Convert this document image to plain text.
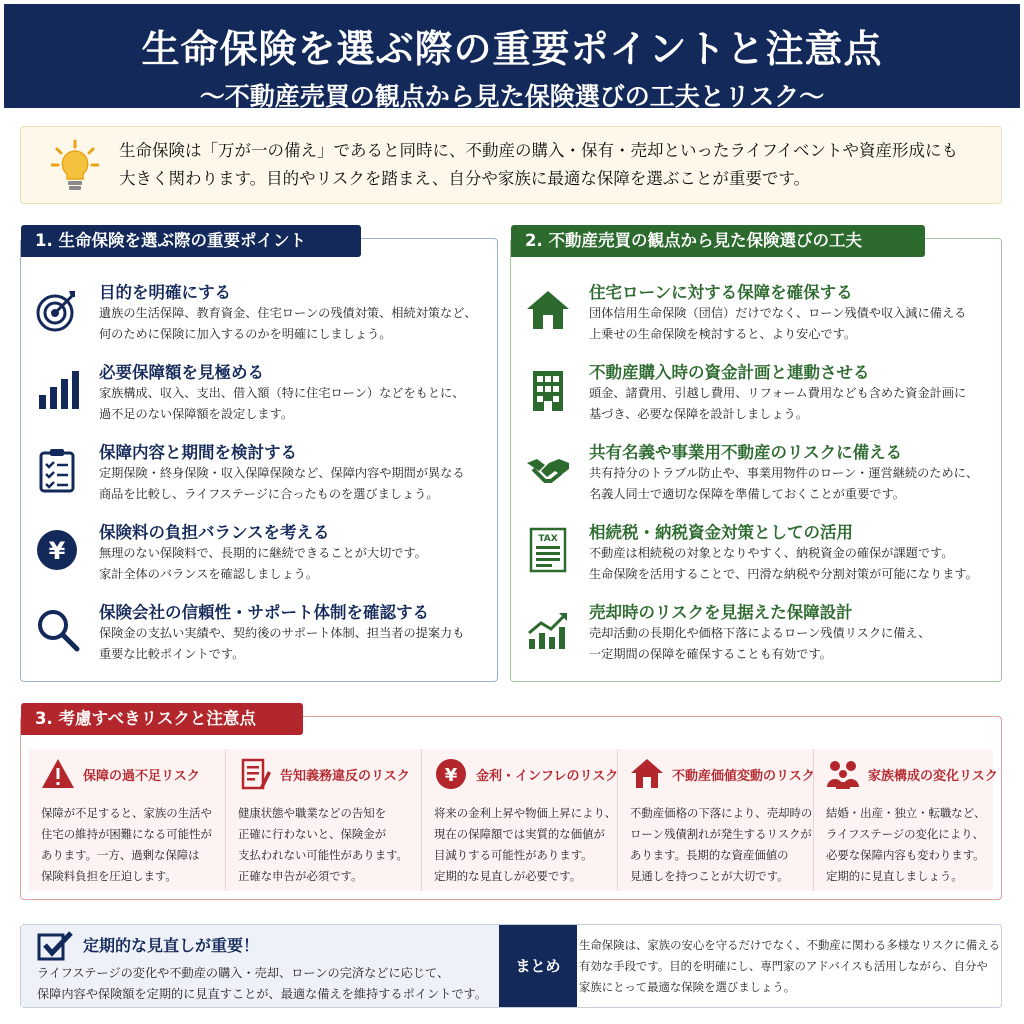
生命保険を選ぶ際の重要ポイントと注意点
〜不動産売買の観点から見た保険選びの工夫とリスク〜
生命保険は「万が一の備え」であると同時に、不動産の購入・保有・売却といったライフイベントや資産形成にも
大きく関わります。目的やリスクを踏まえ、自分や家族に最適な保障を選ぶことが重要です。
1. 生命保険を選ぶ際の重要ポイント
目的を明確にする
遺族の生活保障、教育資金、住宅ローンの残債対策、相続対策など、
何のために保険に加入するのかを明確にしましょう。
必要保障額を見極める
家族構成、収入、支出、借入額（特に住宅ローン）などをもとに、
過不足のない保障額を設定します。
保障内容と期間を検討する
定期保険・終身保険・収入保障保険など、保障内容や期間が異なる
商品を比較し、ライフステージに合ったものを選びましょう。
¥
保険料の負担バランスを考える
無理のない保険料で、長期的に継続できることが大切です。
家計全体のバランスを確認しましょう。
保険会社の信頼性・サポート体制を確認する
保険金の支払い実績や、契約後のサポート体制、担当者の提案力も
重要な比較ポイントです。
2. 不動産売買の観点から見た保険選びの工夫
住宅ローンに対する保障を確保する
団体信用生命保険（団信）だけでなく、ローン残債や収入減に備える
上乗せの生命保険を検討すると、より安心です。
不動産購入時の資金計画と連動させる
頭金、諸費用、引越し費用、リフォーム費用なども含めた資金計画に
基づき、必要な保障を設計しましょう。
共有名義や事業用不動産のリスクに備える
共有持分のトラブル防止や、事業用物件のローン・運営継続のために、
名義人同士で適切な保障を準備しておくことが重要です。
TAX 相続税・納税資金対策としての活用
不動産は相続税の対象となりやすく、納税資金の確保が課題です。
生命保険を活用することで、円滑な納税や分割対策が可能になります。
売却時のリスクを見据えた保障設計
売却活動の長期化や価格下落によるローン残債リスクに備え、
一定期間の保障を確保することも有効です。
3. 考慮すべきリスクと注意点
保障の過不足リスク
保障が不足すると、家族の生活や
住宅の維持が困難になる可能性が
あります。一方、過剰な保障は
保険料負担を圧迫します。
告知義務違反のリスク
健康状態や職業などの告知を
正確に行わないと、保険金が
支払われない可能性があります。
正確な申告が必須です。
¥ 金利・インフレのリスク
将来の金利上昇や物価上昇により、
現在の保障額では実質的な価値が
目減りする可能性があります。
定期的な見直しが必要です。
不動産価値変動のリスク
不動産価格の下落により、売却時の
ローン残債割れが発生するリスクが
あります。長期的な資産価値の
見通しを持つことが大切です。
家族構成の変化リスク
結婚・出産・独立・転職など、
ライフステージの変化により、
必要な保障内容も変わります。
定期的に見直しましょう。
定期的な見直しが重要！
ライフステージの変化や不動産の購入・売却、ローンの完済などに応じて、
保障内容や保険額を定期的に見直すことが、最適な備えを維持するポイントです。
まとめ
生命保険は、家族の安心を守るだけでなく、不動産に関わる多様なリスクに備える
有効な手段です。目的を明確にし、専門家のアドバイスも活用しながら、自分や
家族にとって最適な保険を選びましょう。
